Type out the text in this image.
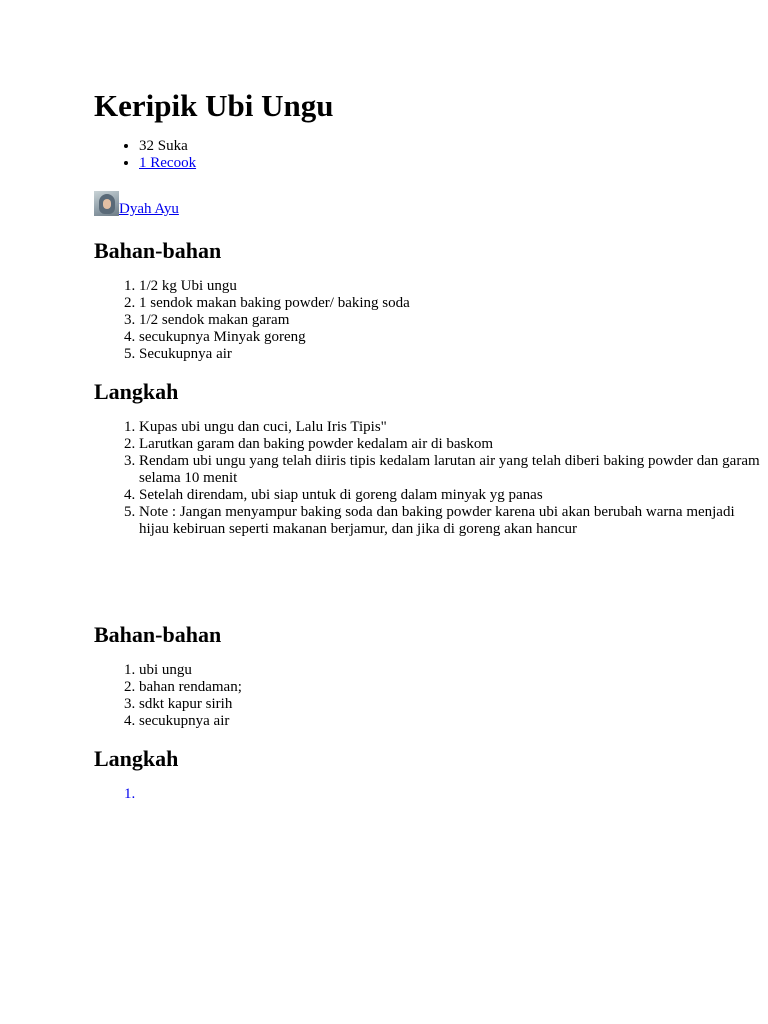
Keripik Ubi Ungu
• 32 Suka
• 1 Recook
Dyah Ayu
Bahan-bahan
1. 1/2 kg Ubi ungu
2. 1 sendok makan baking powder/ baking soda
3. 1/2 sendok makan garam
4. secukupnya Minyak goreng
5. Secukupnya air
Langkah
1. Kupas ubi ungu dan cuci, Lalu Iris Tipis"
2. Larutkan garam dan baking powder kedalam air di baskom
3. Rendam ubi ungu yang telah diiris tipis kedalam larutan air yang telah diberi baking powder dan garam selama 10 menit
4. Setelah direndam, ubi siap untuk di goreng dalam minyak yg panas
5. Note : Jangan menyampur baking soda dan baking powder karena ubi akan berubah warna menjadi hijau kebiruan seperti makanan berjamur, dan jika di goreng akan hancur
Bahan-bahan
1. ubi ungu
2. bahan rendaman;
3. sdkt kapur sirih
4. secukupnya air
Langkah
1.
